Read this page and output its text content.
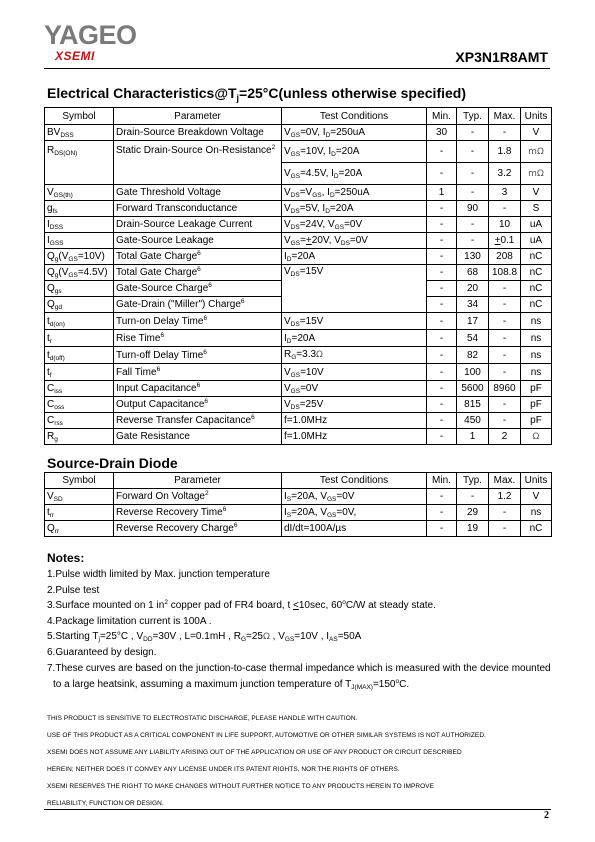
YAGEO
XSEMI	XP3N1R8AMT
Electrical $Characteristics@T_j=25^\circ C(unless$ otherwise specified)
Symbol	Parameter	Test Conditions	Min.	Typ.	Max.	Units
$BV_{DSS}$	Drain-Source Breakdown Voltage	$V_{GS}=0V$, $I_D=250uA$	30	-	-	V
$R_{DS(ON)}$	Static Drain-Source On-Resistance$^2$	$V_{GS}=10V$, $I_D=20A$	-	-	1.8	mΩ
		$V_{GS}=4.5V$, $I_D=20A$	-	-	3.2	mΩ
$V_{GS(th)}$	Gate Threshold Voltage	$V_{DS}=V_{GS}$, $I_D=250uA$	1	-	3	V
$g_{fs}$	Forward Transconductance	$V_{DS}=5V$, $I_D=20A$	-	90	-	S
$I_{DSS}$	Drain-Source Leakage Current	$V_{DS}=24V$, $V_{GS}=0V$	-	-	10	uA
$I_{GSS}$	Gate-Source Leakage	$V_{GS}=+20V$, $V_{DS}=0V$	-	-	+0.1	uA
$Q_g(V_{GS}=10V)$	Total Gate Charge$^6$	$I_D=20A$	-	130	208	nC
$Q_g(V_{GS}=4.5V)$	Total Gate Charge$^6$	$V_{DS}=15V$	-	68	108.8	nC
$Q_{gs}$	Gate-Source Charge$^6$		-	20	-	nC
$Q_{gd}$	Gate-Drain ("Miller") Charge$^6$		-	34	-	nC
$t_{d(on)}$	Turn-on Delay Time$^6$	$V_{DS}=15V$	-	17	-	ns
$t_r$	Rise Time$^6$	$I_D=20A$	-	54	-	ns
$t_{d(off)}$	Turn-off Delay Time$^6$	$R_G=3.3\Omega$	-	82	-	ns
$t_f$	Fall Time$^6$	$V_{GS}=10V$	-	100	-	ns
$C_{iss}$	Input Capacitance$^6$	$V_{GS}=0V$	-	5600	8960	pF
$C_{oss}$	Output Capacitance$^6$	$V_{DS}=25V$	-	815	-	pF
$C_{rss}$	Reverse Transfer Capacitance$^6$	f=1.0MHz	-	450	-	pF
$R_g$	Gate Resistance	f=1.0MHz	-	1	2	Ω
Source-Drain Diode
Symbol	Parameter	Test Conditions	Min.	Typ.	Max.	Units
$V_{SD}$	Forward On Voltage$^2$	$I_S=20A$, $V_{GS}=0V$	-	-	1.2	V
$t_{rr}$	Reverse Recovery Time$^6$	$I_S=20A$, $V_{GS}=0V$,	-	29	-	ns
$Q_{rr}$	Reverse Recovery Charge$^6$	dI/dt=100A/µs	-	19	-	nC
Notes:
1.Pulse width limited by Max. junction temperature
2.Pulse test
3.Surface mounted on 1 $in^2$ copper pad of FR4 board, t <10sec, 60$^o$C/W at steady state.
4.Package limitation current is 100A .
5.Starting $T_j=25^\circ C$ , $V_{DD}=30V$ , L=0.1mH , $R_G=25\Omega$ , $V_{GS}=10V$ , $I_{AS}=50A$
6.Guaranteed by design.
7.These curves are based on the junction-to-case thermal impedance which is measured with the device mounted
to a large heatsink, assuming a maximum junction temperature of $T_{J(MAX)}=150^oC$.
THIS PRODUCT IS SENSITIVE TO ELECTROSTATIC DISCHARGE, PLEASE HANDLE WITH CAUTION.
USE OF THIS PRODUCT AS A CRITICAL COMPONENT IN LIFE SUPPORT, AUTOMOTIVE OR OTHER SIMILAR SYSTEMS IS NOT AUTHORIZED.
XSEMI DOES NOT ASSUME ANY LIABILITY ARISING OUT OF THE APPLICATION OR USE OF ANY PRODUCT OR CIRCUIT DESCRIBED
HEREIN; NEITHER DOES IT CONVEY ANY LICENSE UNDER ITS PATENT RIGHTS, NOR THE RIGHTS OF OTHERS.
XSEMI RESERVES THE RIGHT TO MAKE CHANGES WITHOUT FURTHER NOTICE TO ANY PRODUCTS HEREIN TO IMPROVE
RELIABILITY, FUNCTION OR DESIGN.
2
